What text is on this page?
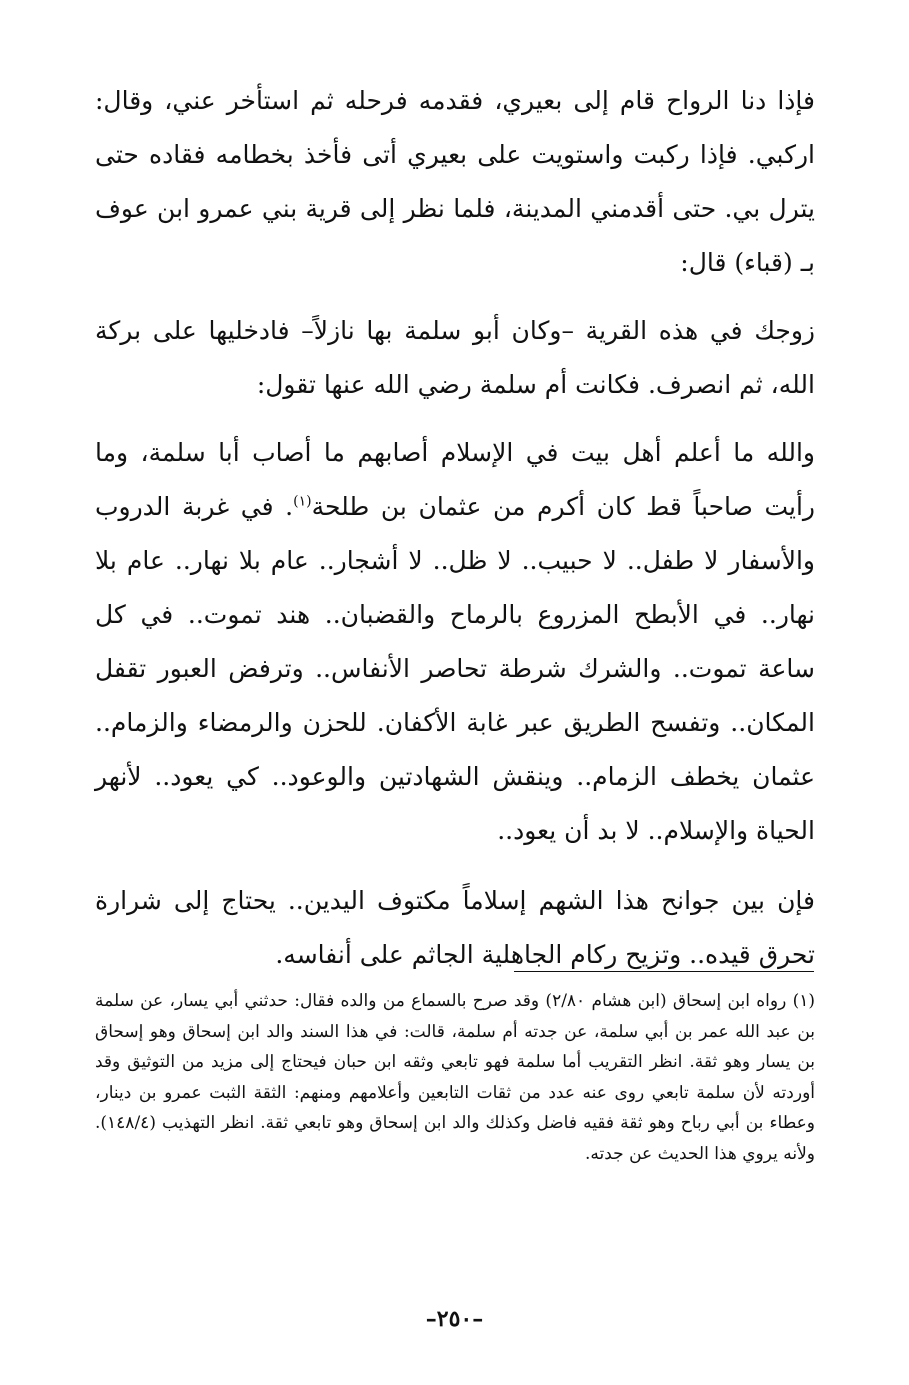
فإذا دنا الرواح قام إلى بعيري، فقدمه فرحله ثم استأخر عني، وقال: اركبي. فإذا ركبت واستويت على بعيري أتى فأخذ بخطامه فقاده حتى يترل بي. حتى أقدمني المدينة، فلما نظر إلى قرية بني عمرو ابن عوف بـ (قباء) قال:

زوجك في هذه القرية –وكان أبو سلمة بها نازلاً– فادخليها على بركة الله، ثم انصرف. فكانت أم سلمة رضي الله عنها تقول:

والله ما أعلم أهل بيت في الإسلام أصابهم ما أصاب أبا سلمة، وما رأيت صاحباً قط كان أكرم من عثمان بن طلحة$^{(١)}$. في غربة الدروب والأسفار لا طفل.. لا حبيب.. لا ظل.. لا أشجار.. عام بلا نهار.. عام بلا نهار.. في الأبطح المزروع بالرماح والقضبان.. هند تموت.. في كل ساعة تموت.. والشرك شرطة تحاصر الأنفاس.. وترفض العبور تقفل المكان.. وتفسح الطريق عبر غابة الأكفان. للحزن والرمضاء والزمام.. عثمان يخطف الزمام.. وينقش الشهادتين والوعود.. كي يعود.. لأنهر الحياة والإسلام.. لا بد أن يعود..

فإن بين جوانح هذا الشهم إسلاماً مكتوف اليدين.. يحتاج إلى شرارة تحرق قيده.. وتزيح ركام الجاهلية الجاثم على أنفاسه.

(١) رواه ابن إسحاق (ابن هشام ٢/٨٠) وقد صرح بالسماع من والده فقال: حدثني أبي يسار، عن سلمة بن عبد الله عمر بن أبي سلمة، عن جدته أم سلمة، قالت: في هذا السند والد ابن إسحاق وهو إسحاق بن يسار وهو ثقة. انظر التقريب أما سلمة فهو تابعي وثقه ابن حبان فيحتاج إلى مزيد من التوثيق وقد أوردته لأن سلمة تابعي روى عنه عدد من ثقات التابعين وأعلامهم ومنهم: الثقة الثبت عمرو بن دينار، وعطاء بن أبي رباح وهو ثقة فقيه فاضل وكذلك والد ابن إسحاق وهو تابعي ثقة. انظر التهذيب (١٤٨/٤). ولأنه يروي هذا الحديث عن جدته.
–٢٥٠–
